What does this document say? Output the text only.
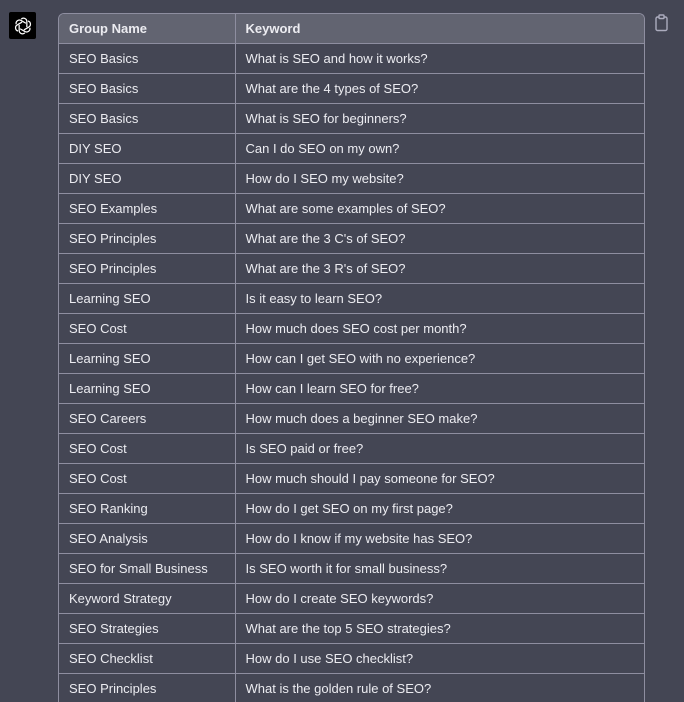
Group Name	Keyword
SEO Basics	What is SEO and how it works?
SEO Basics	What are the 4 types of SEO?
SEO Basics	What is SEO for beginners?
DIY SEO	Can I do SEO on my own?
DIY SEO	How do I SEO my website?
SEO Examples	What are some examples of SEO?
SEO Principles	What are the 3 C's of SEO?
SEO Principles	What are the 3 R's of SEO?
Learning SEO	Is it easy to learn SEO?
SEO Cost	How much does SEO cost per month?
Learning SEO	How can I get SEO with no experience?
Learning SEO	How can I learn SEO for free?
SEO Careers	How much does a beginner SEO make?
SEO Cost	Is SEO paid or free?
SEO Cost	How much should I pay someone for SEO?
SEO Ranking	How do I get SEO on my first page?
SEO Analysis	How do I know if my website has SEO?
SEO for Small Business	Is SEO worth it for small business?
Keyword Strategy	How do I create SEO keywords?
SEO Strategies	What are the top 5 SEO strategies?
SEO Checklist	How do I use SEO checklist?
SEO Principles	What is the golden rule of SEO?
